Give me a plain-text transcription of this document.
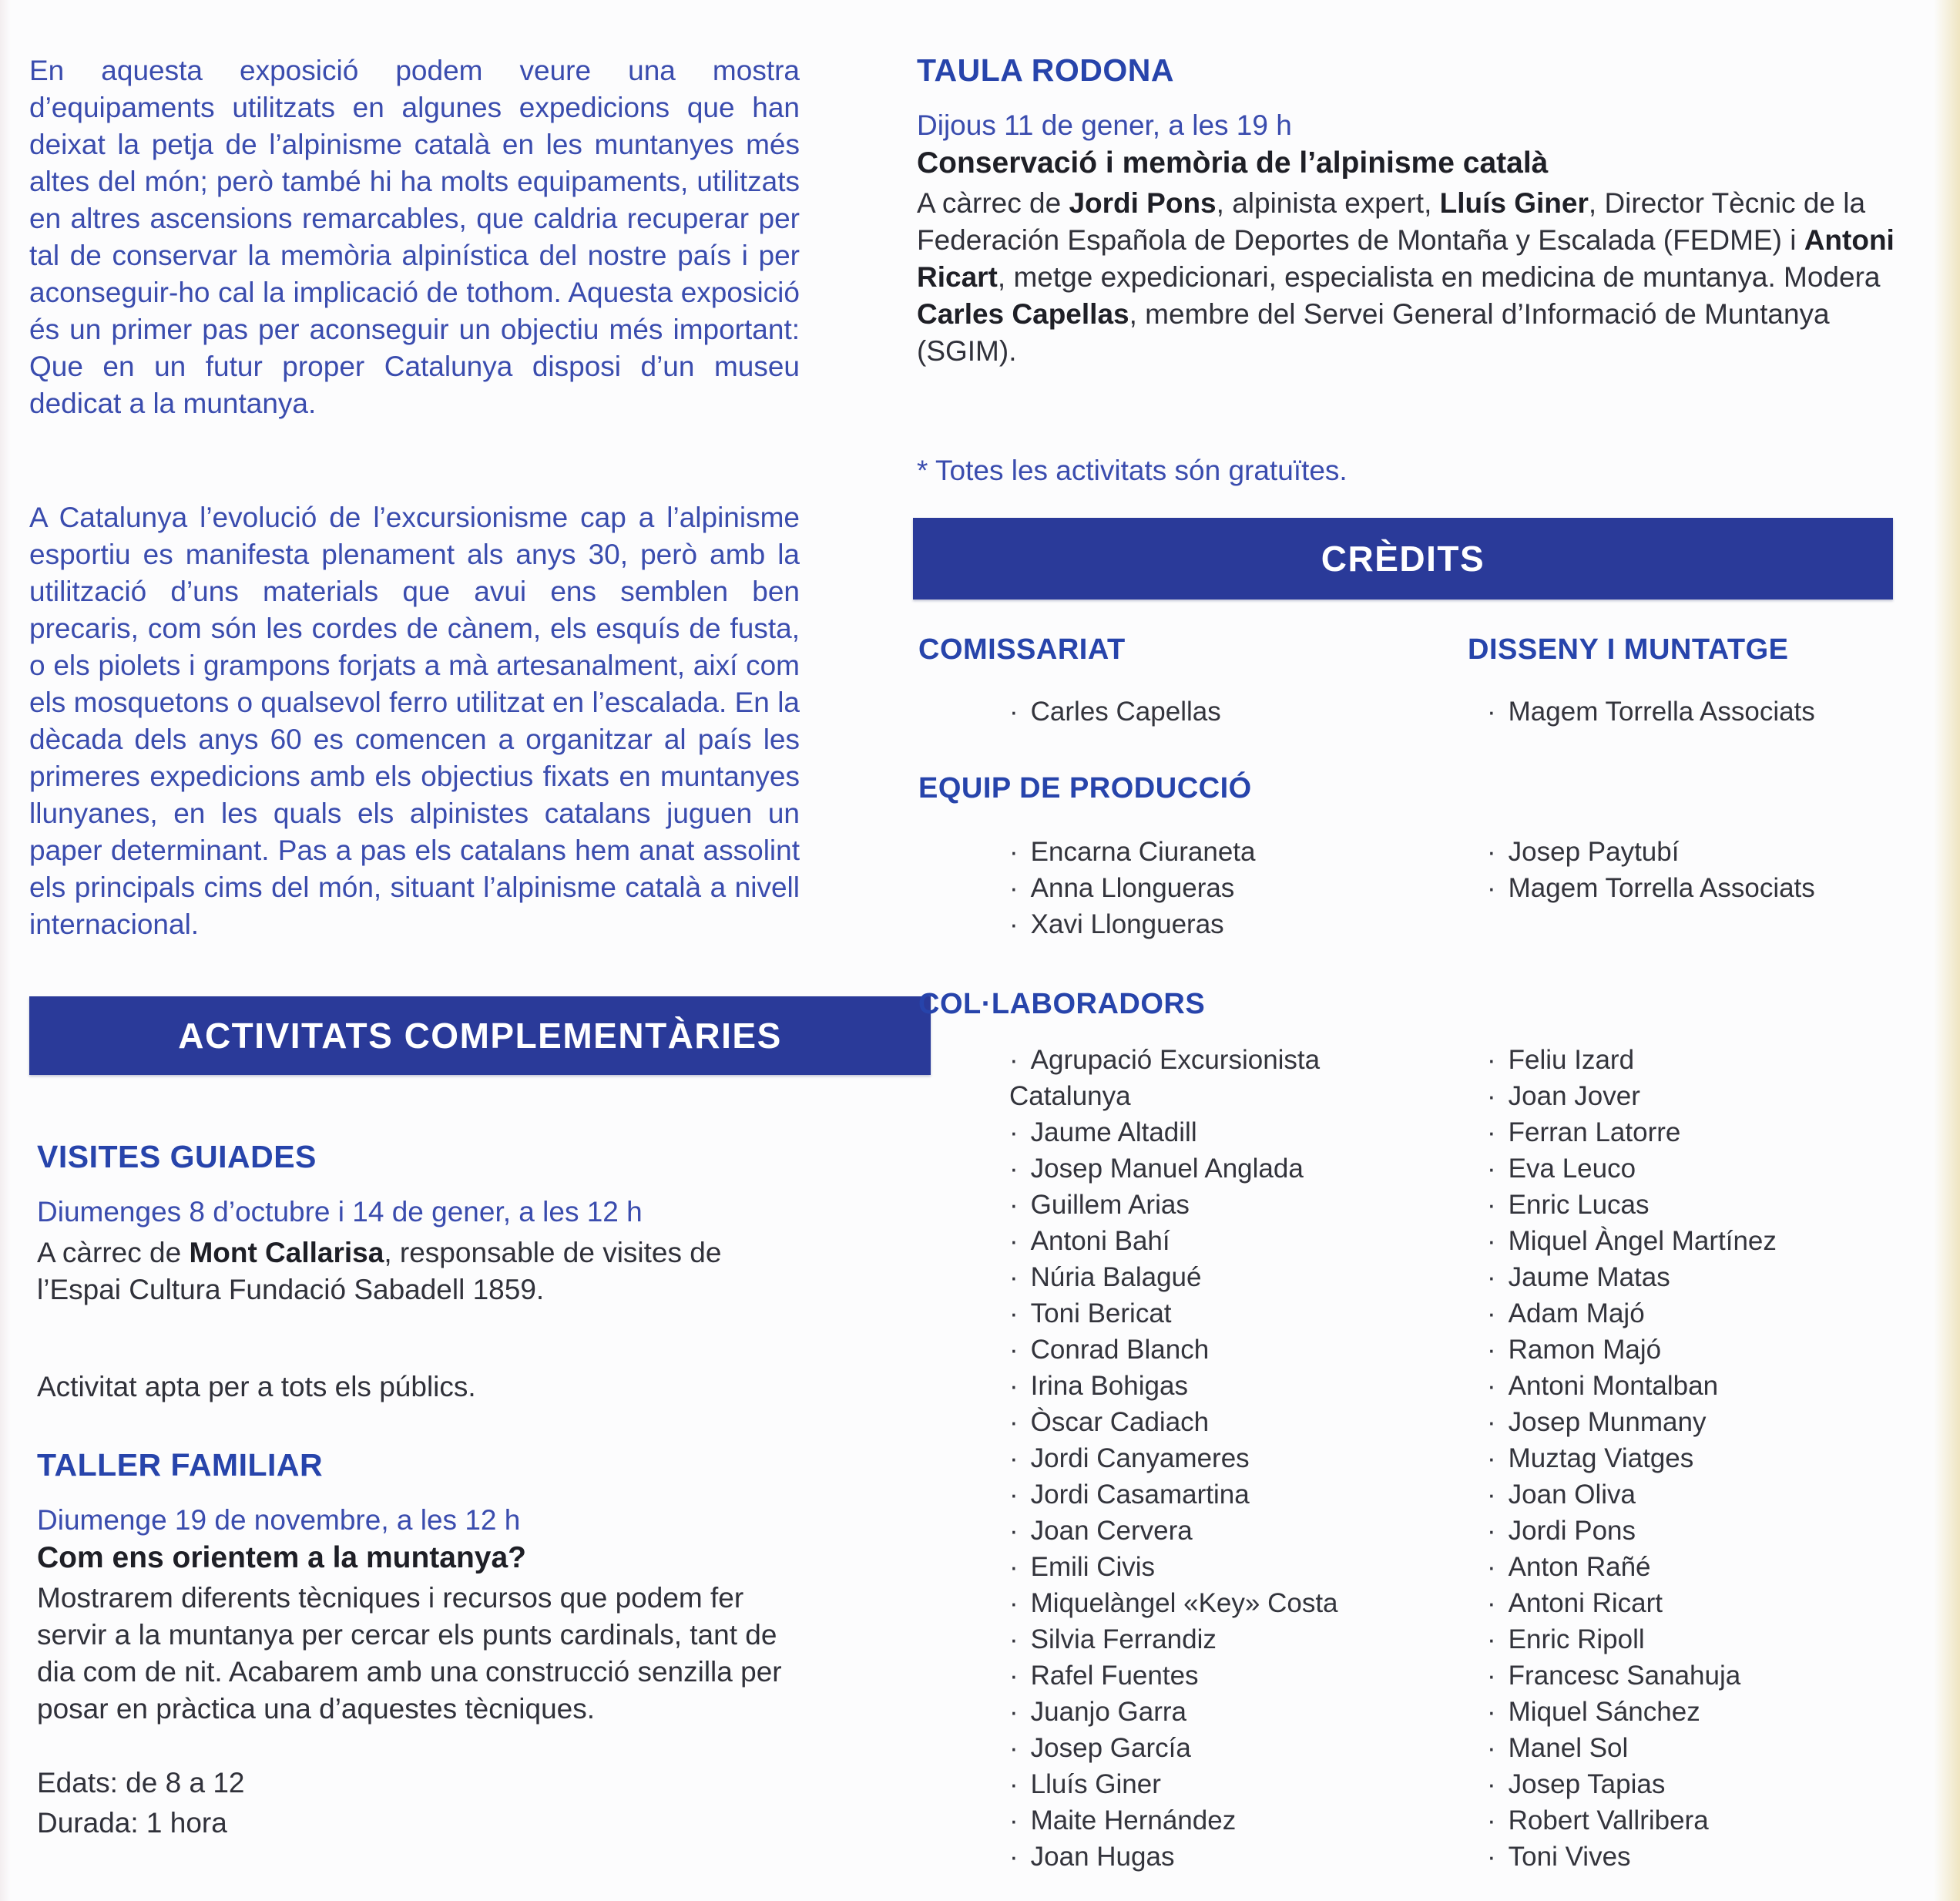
En aquesta exposició podem veure una mostra d’equipaments utilitzats en algunes expedicions que han deixat la petja de l’alpinisme català en les muntanyes més altes del món; però també hi ha molts equipaments, utilitzats en altres ascensions remarcables, que caldria recuperar per tal de conservar la memòria alpinística del nostre país i per aconseguir-ho cal la implicació de tothom. Aquesta exposició és un primer pas per aconseguir un objectiu més important: Que en un futur proper Catalunya disposi d’un museu dedicat a la muntanya.
A Catalunya l’evolució de l’excursionisme cap a l’alpinisme esportiu es manifesta plenament als anys 30, però amb la utilització d’uns materials que avui ens semblen ben precaris, com són les cordes de cànem, els esquís de fusta, o els piolets i grampons forjats a mà artesanalment, així com els mosquetons o qualsevol ferro utilitzat en l’escalada. En la dècada dels anys 60 es comencen a organitzar al país les primeres expedicions amb els objectius fixats en muntanyes llunyanes, en les quals els alpinistes catalans juguen un paper determinant. Pas a pas els catalans hem anat assolint els principals cims del món, situant l’alpinisme català a nivell internacional.
ACTIVITATS COMPLEMENTÀRIES
VISITES GUIADES
Diumenges 8 d’octubre i 14 de gener, a les 12 h
A càrrec de Mont Callarisa, responsable de visites de l’Espai Cultura Fundació Sabadell 1859.
Activitat apta per a tots els públics.
TALLER FAMILIAR
Diumenge 19 de novembre, a les 12 h
Com ens orientem a la muntanya?
Mostrarem diferents tècniques i recursos que podem fer servir a la muntanya per cercar els punts cardinals, tant de dia com de nit. Acabarem amb una construcció senzilla per posar en pràctica una d’aquestes tècniques.
Edats: de 8 a 12
Durada: 1 hora
TAULA RODONA
Dijous 11 de gener, a les 19 h
Conservació i memòria de l’alpinisme català
A càrrec de Jordi Pons, alpinista expert, Lluís Giner, Director Tècnic de la Federación Española de Deportes de Montaña y Escalada (FEDME) i Antoni Ricart, metge expedicionari, especialista en medicina de muntanya. Modera Carles Capellas, membre del Servei General d’Informació de Muntanya (SGIM).
* Totes les activitats són gratuïtes.
CRÈDITS
COMISSARIAT	DISSENY I MUNTATGE
· Carles Capellas	· Magem Torrella Associats
EQUIP DE PRODUCCIÓ
· Encarna Ciuraneta
· Anna Llongueras
· Xavi Llongueras
· Josep Paytubí
· Magem Torrella Associats
COL·LABORADORS
· Agrupació Excursionista Catalunya
· Jaume Altadill
· Josep Manuel Anglada
· Guillem Arias
· Antoni Bahí
· Núria Balagué
· Toni Bericat
· Conrad Blanch
· Irina Bohigas
· Òscar Cadiach
· Jordi Canyameres
· Jordi Casamartina
· Joan Cervera
· Emili Civis
· Miquelàngel «Key» Costa
· Silvia Ferrandiz
· Rafel Fuentes
· Juanjo Garra
· Josep García
· Lluís Giner
· Maite Hernández
· Joan Hugas
· Feliu Izard
· Joan Jover
· Ferran Latorre
· Eva Leuco
· Enric Lucas
· Miquel Àngel Martínez
· Jaume Matas
· Adam Majó
· Ramon Majó
· Antoni Montalban
· Josep Munmany
· Muztag Viatges
· Joan Oliva
· Jordi Pons
· Anton Rañé
· Antoni Ricart
· Enric Ripoll
· Francesc Sanahuja
· Miquel Sánchez
· Manel Sol
· Josep Tapias
· Robert Vallribera
· Toni Vives
